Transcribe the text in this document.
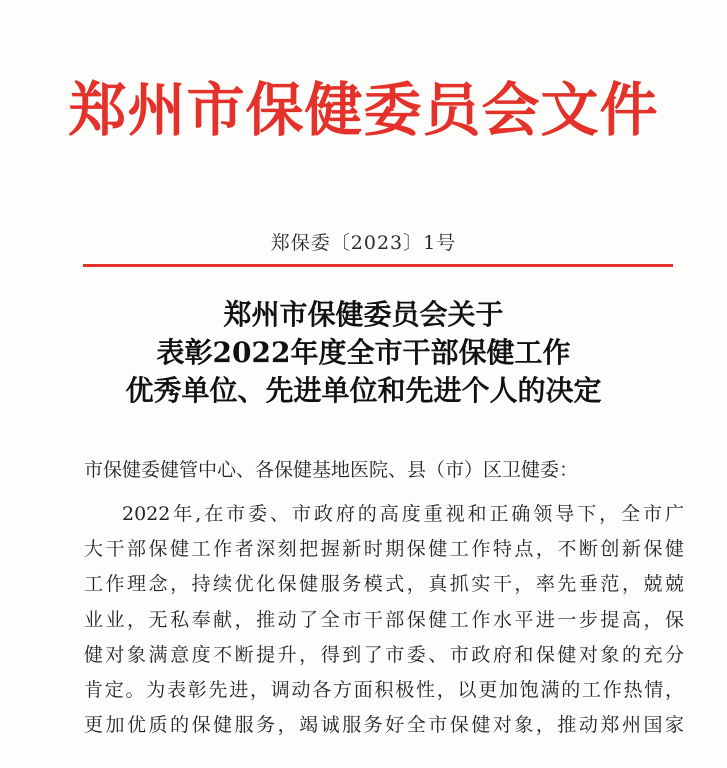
郑州市保健委员会文件
郑保委〔2023〕1号
郑州市保健委员会关于
表彰2022年度全市干部保健工作
优秀单位、先进单位和先进个人的决定
市保健委健管中心、各保健基地医院、县（市）区卫健委：
2022年,在市委、市政府的高度重视和正确领导下，全市广
大干部保健工作者深刻把握新时期保健工作特点，不断创新保健
工作理念，持续优化保健服务模式，真抓实干，率先垂范，兢兢
业业，无私奉献，推动了全市干部保健工作水平进一步提高，保
健对象满意度不断提升，得到了市委、市政府和保健对象的充分
肯定。为表彰先进，调动各方面积极性，以更加饱满的工作热情，
更加优质的保健服务，竭诚服务好全市保健对象，推动郑州国家
